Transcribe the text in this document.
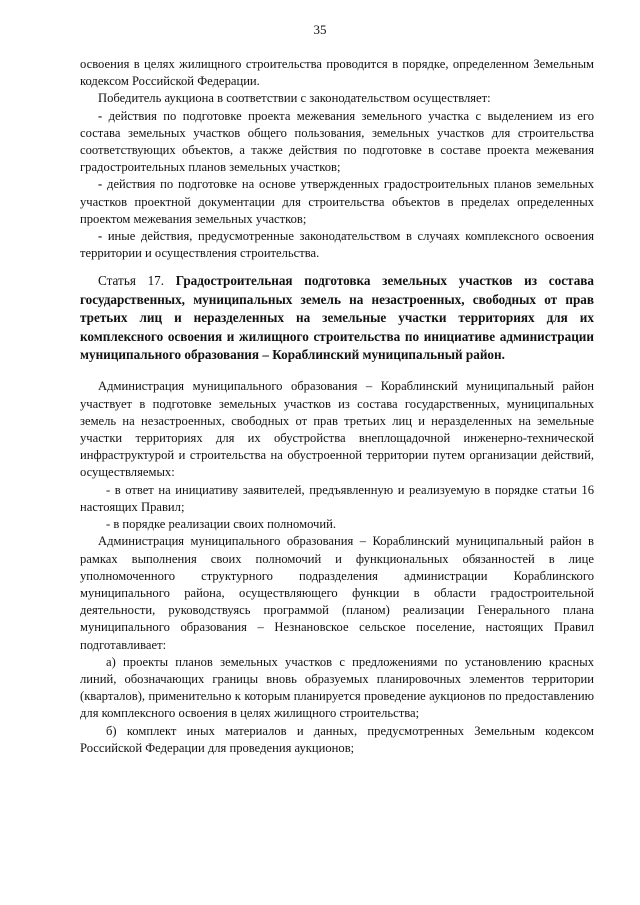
35

освоения в целях жилищного строительства проводится в порядке, определенном Земельным кодексом Российской Федерации.

Победитель аукциона в соответствии с законодательством осуществляет:

- действия по подготовке проекта межевания земельного участка с выделением из его состава земельных участков общего пользования, земельных участков для строительства соответствующих объектов, а также действия по подготовке в составе проекта межевания градостроительных планов земельных участков;

- действия по подготовке на основе утвержденных градостроительных планов земельных участков проектной документации для строительства объектов в пределах определенных проектом межевания земельных участков;

- иные действия, предусмотренные законодательством в случаях комплексного освоения территории и осуществления строительства.

Статья 17. Градостроительная подготовка земельных участков из состава государственных, муниципальных земель на незастроенных, свободных от прав третьих лиц и неразделенных на земельные участки территориях для их комплексного освоения и жилищного строительства по инициативе администрации муниципального образования – Кораблинский муниципальный район.

Администрация муниципального образования – Кораблинский муниципальный район участвует в подготовке земельных участков из состава государственных, муниципальных земель на незастроенных, свободных от прав третьих лиц и неразделенных на земельные участки территориях для их обустройства внеплощадочной инженерно-технической инфраструктурой и строительства на обустроенной территории путем организации действий, осуществляемых:

- в ответ на инициативу заявителей, предъявленную и реализуемую в порядке статьи 16 настоящих Правил;

- в порядке реализации своих полномочий.

Администрация муниципального образования – Кораблинский муниципальный район в рамках выполнения своих полномочий и функциональных обязанностей в лице уполномоченного структурного подразделения администрации Кораблинского муниципального района, осуществляющего функции в области градостроительной деятельности, руководствуясь программой (планом) реализации Генерального плана муниципального образования – Незнановское сельское поселение, настоящих Правил подготавливает:

а) проекты планов земельных участков с предложениями по установлению красных линий, обозначающих границы вновь образуемых планировочных элементов территории (кварталов), применительно к которым планируется проведение аукционов по предоставлению для комплексного освоения в целях жилищного строительства;

б) комплект иных материалов и данных, предусмотренных Земельным кодексом Российской Федерации для проведения аукционов;
